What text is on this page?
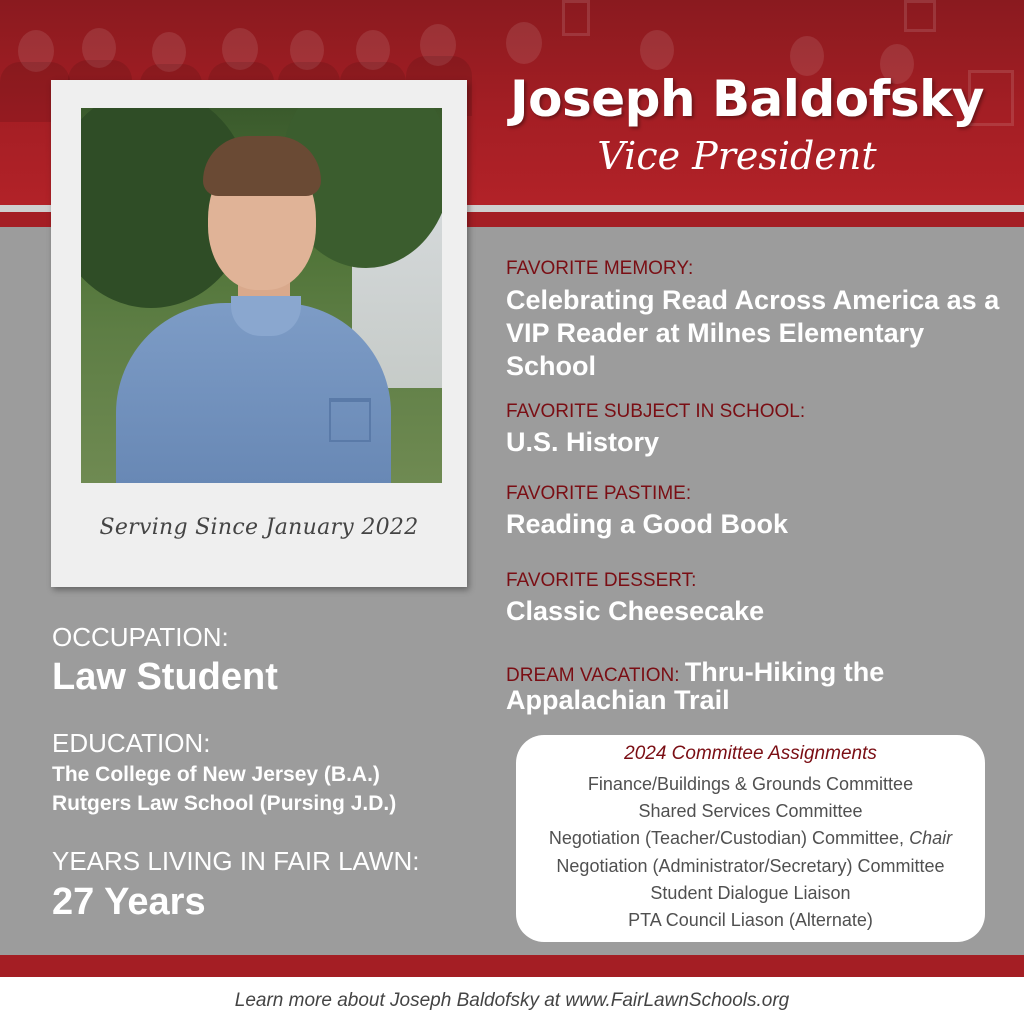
Joseph Baldofsky
Vice President
Serving Since January 2022
OCCUPATION:
Law Student
EDUCATION:
The College of New Jersey (B.A.)
Rutgers Law School (Pursing J.D.)
YEARS LIVING IN FAIR LAWN:
27 Years
FAVORITE MEMORY:
Celebrating Read Across America as a VIP Reader at Milnes Elementary School
FAVORITE SUBJECT IN SCHOOL:
U.S. History
FAVORITE PASTIME:
Reading a Good Book
FAVORITE DESSERT:
Classic Cheesecake
DREAM VACATION: Thru-Hiking the
Appalachian Trail
2024 Committee Assignments
Finance/Buildings & Grounds Committee
Shared Services Committee
Negotiation (Teacher/Custodian) Committee, Chair
Negotiation (Administrator/Secretary) Committee
Student Dialogue Liaison
PTA Council Liason (Alternate)
Learn more about Joseph Baldofsky at www.FairLawnSchools.org
